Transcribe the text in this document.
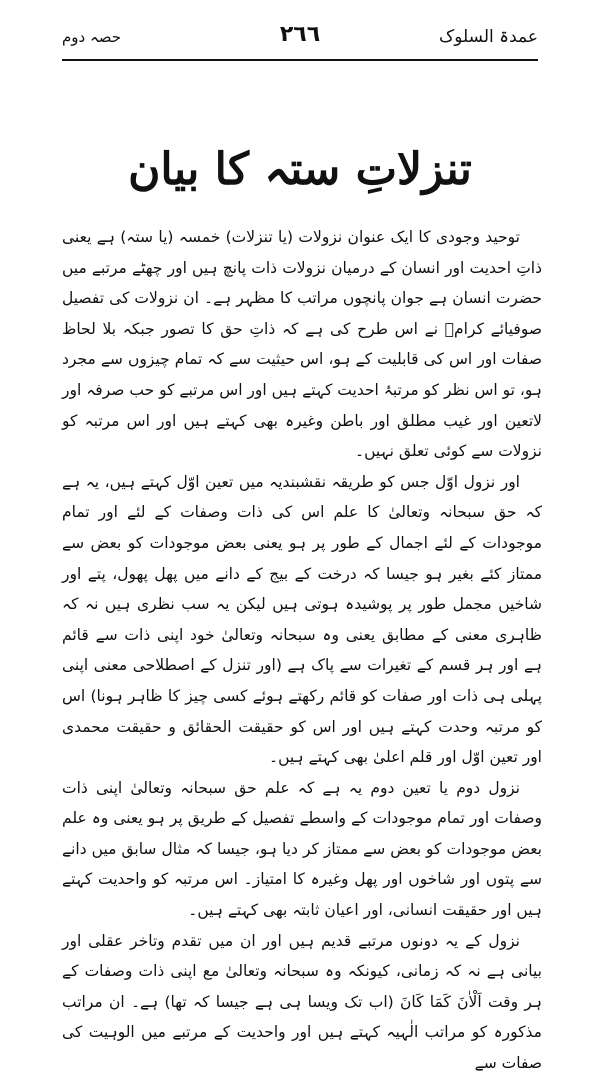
حصہ دوم	۲٦٦	عمدۃ السلوک
تنزلاتِ ستہ کا بیان

توحید وجودی کا ایک عنوان نزولات (یا تنزلات) خمسہ (یا ستہ) ہے یعنی ذاتِ احدیت اور انسان کے درمیان نزولات ذات پانچ ہیں اور چھٹے مرتبے میں حضرت انسان ہے جوان پانچوں مراتب کا مظہر ہے۔ ان نزولات کی تفصیل صوفیائے کرامؒ نے اس طرح کی ہے کہ ذاتِ حق کا تصور جبکہ بلا لحاظ صفات اور اس کی قابلیت کے ہو، اس حیثیت سے کہ تمام چیزوں سے مجرد ہو، تو اس نظر کو مرتبۂ احدیت کہتے ہیں اور اس مرتبے کو حب صرفہ اور لاتعین اور غیب مطلق اور باطن وغیرہ بھی کہتے ہیں اور اس مرتبہ کو نزولات سے کوئی تعلق نہیں۔

اور نزول اوّل جس کو طریقہ نقشبندیہ میں تعین اوّل کہتے ہیں، یہ ہے کہ حق سبحانہ وتعالیٰ کا علم اس کی ذات وصفات کے لئے اور تمام موجودات کے لئے اجمال کے طور پر ہو یعنی بعض موجودات کو بعض سے ممتاز کئے بغیر ہو جیسا کہ درخت کے بیج کے دانے میں پھل پھول، پتے اور شاخیں مجمل طور پر پوشیدہ ہوتی ہیں لیکن یہ سب نظری ہیں نہ کہ ظاہری معنی کے مطابق یعنی وہ سبحانہ وتعالیٰ خود اپنی ذات سے قائم ہے اور ہر قسم کے تغیرات سے پاک ہے (اور تنزل کے اصطلاحی معنی اپنی پہلی ہی ذات اور صفات کو قائم رکھتے ہوئے کسی چیز کا ظاہر ہونا) اس کو مرتبہ وحدت کہتے ہیں اور اس کو حقیقت الحقائق و حقیقت محمدی اور تعین اوّل اور قلم اعلیٰ بھی کہتے ہیں۔

نزول دوم یا تعین دوم یہ ہے کہ علم حق سبحانہ وتعالیٰ اپنی ذات وصفات اور تمام موجودات کے واسطے تفصیل کے طریق پر ہو یعنی وہ علم بعض موجودات کو بعض سے ممتاز کر دیا ہو، جیسا کہ مثال سابق میں دانے سے پتوں اور شاخوں اور پھل وغیرہ کا امتیاز۔ اس مرتبہ کو واحدیت کہتے ہیں اور حقیقت انسانی، اور اعیان ثابتہ بھی کہتے ہیں۔

نزول کے یہ دونوں مرتبے قدیم ہیں اور ان میں تقدم وتاخر عقلی اور بیانی ہے نہ کہ زمانی، کیونکہ وہ سبحانہ وتعالیٰ مع اپنی ذات وصفات کے ہر وقت اَلْاٰنَ کَمَا کَانَ (اب تک ویسا ہی ہے جیسا کہ تھا) ہے۔ ان مراتب مذکورہ کو مراتب الٰہیہ کہتے ہیں اور واحدیت کے مرتبے میں الوہیت کی صفات سے
